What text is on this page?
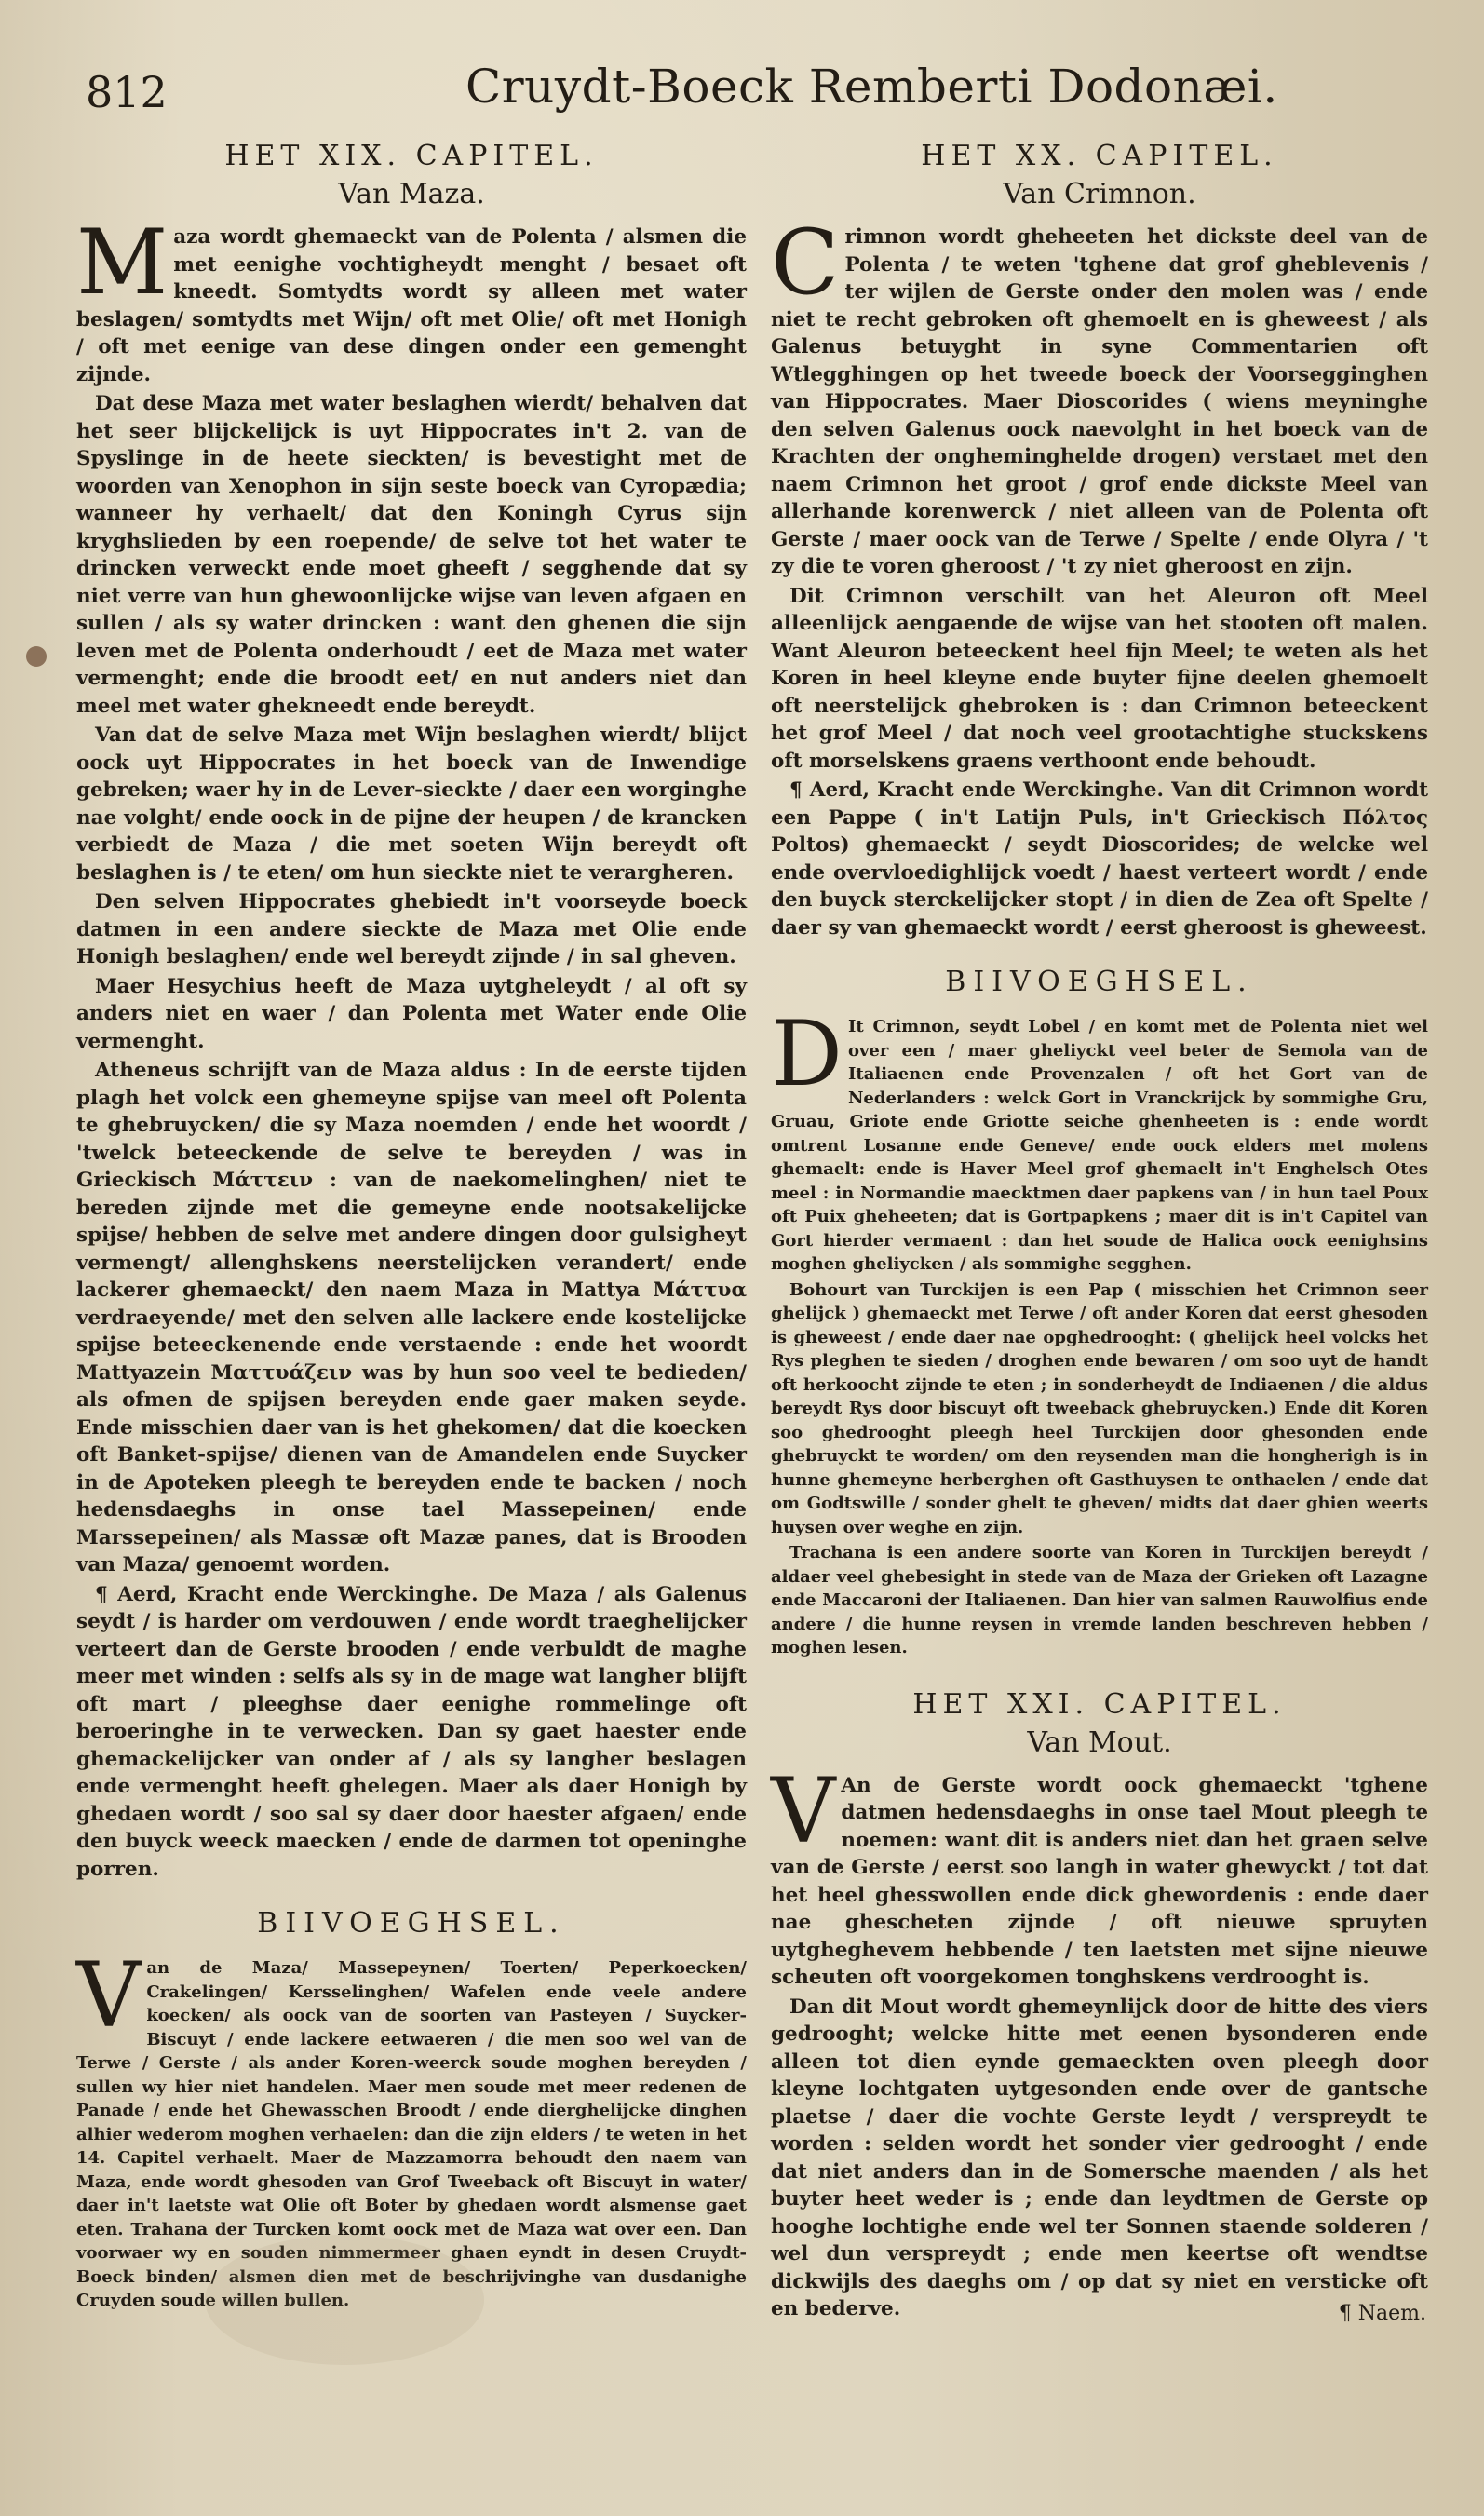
812	Cruydt-Boeck Remberti Dodonæi.
HET XIX. CAPITEL.
Van Maza.

Maza wordt ghemaeckt van de Polenta / alsmen die met eenighe vochtigheydt menght / besaet oft kneedt. Somtydts wordt sy alleen met water beslagen/ somtydts met Wijn/ oft met Olie/ oft met Honigh / oft met eenige van dese dingen onder een gemenght zijnde.

Dat dese Maza met water beslaghen wierdt/ behalven dat het seer blijckelijck is uyt Hippocrates in't 2. van de Spyslinge in de heete sieckten/ is bevestight met de woorden van Xenophon in sijn seste boeck van Cyropædia; wanneer hy verhaelt/ dat den Koningh Cyrus sijn kryghslieden by een roepende/ de selve tot het water te drincken verweckt ende moet gheeft / segghende dat sy niet verre van hun ghewoonlijcke wijse van leven afgaen en sullen / als sy water drincken : want den ghenen die sijn leven met de Polenta onderhoudt / eet de Maza met water vermenght; ende die broodt eet/ en nut anders niet dan meel met water ghekneedt ende bereydt.

Van dat de selve Maza met Wijn beslaghen wierdt/ blijct oock uyt Hippocrates in het boeck van de Inwendige gebreken; waer hy in de Lever-sieckte / daer een worginghe nae volght/ ende oock in de pijne der heupen / de krancken verbiedt de Maza / die met soeten Wijn bereydt oft beslaghen is / te eten/ om hun sieckte niet te verargheren.

Den selven Hippocrates ghebiedt in't voorseyde boeck datmen in een andere sieckte de Maza met Olie ende Honigh beslaghen/ ende wel bereydt zijnde / in sal gheven.

Maer Hesychius heeft de Maza uytgheleydt / al oft sy anders niet en waer / dan Polenta met Water ende Olie vermenght.

Atheneus schrijft van de Maza aldus : In de eerste tijden plagh het volck een ghemeyne spijse van meel oft Polenta te ghebruycken/ die sy Maza noemden / ende het woordt / 'twelck beteeckende de selve te bereyden / was in Grieckisch Μάττειν : van de naekomelinghen/ niet te bereden zijnde met die gemeyne ende nootsakelijcke spijse/ hebben de selve met andere dingen door gulsigheyt vermengt/ allenghskens neerstelijcken verandert/ ende lackerer ghemaeckt/ den naem Maza in Mattya Μάττυα verdraeyende/ met den selven alle lackere ende kostelijcke spijse beteeckenende ende verstaende : ende het woordt Mattyazein Ματτυάζειν was by hun soo veel te bedieden/ als ofmen de spijsen bereyden ende gaer maken seyde. Ende misschien daer van is het ghekomen/ dat die koecken oft Banket-spijse/ dienen van de Amandelen ende Suycker in de Apoteken pleegh te bereyden ende te backen / noch hedensdaeghs in onse tael Massepeinen/ ende Marssepeinen/ als Massæ oft Mazæ panes, dat is Brooden van Maza/ genoemt worden.

¶ Aerd, Kracht ende Werckinghe. De Maza / als Galenus seydt / is harder om verdouwen / ende wordt traeghelijcker verteert dan de Gerste brooden / ende verbuldt de maghe meer met winden : selfs als sy in de mage wat langher blijft oft mart / pleeghse daer eenighe rommelinge oft beroeringhe in te verwecken. Dan sy gaet haester ende ghemackelijcker van onder af / als sy langher beslagen ende vermenght heeft ghelegen. Maer als daer Honigh by ghedaen wordt / soo sal sy daer door haester afgaen/ ende den buyck weeck maecken / ende de darmen tot openinghe porren.

BIIVOEGHSEL.

Van de Maza/ Massepeynen/ Toerten/ Peperkoecken/ Crakelingen/ Kersselinghen/ Wafelen ende veele andere koecken/ als oock van de soorten van Pasteyen / Suycker-Biscuyt / ende lackere eetwaeren / die men soo wel van de Terwe / Gerste / als ander Koren-weerck soude moghen bereyden / sullen wy hier niet handelen. Maer men soude met meer redenen de Panade / ende het Ghewasschen Broodt / ende dierghelijcke dinghen alhier wederom moghen verhaelen: dan die zijn elders / te weten in het 14. Capitel verhaelt. Maer de Mazzamorra behoudt den naem van Maza, ende wordt ghesoden van Grof Tweeback oft Biscuyt in water/ daer in't laetste wat Olie oft Boter by ghedaen wordt alsmense gaet eten. Trahana der Turcken komt oock met de Maza wat over een. Dan voorwaer wy en souden nimmermeer ghaen eyndt in desen Cruydt-Boeck binden/ alsmen dien met de beschrijvinghe van dusdanighe Cruyden soude willen bullen.

HET XX. CAPITEL.
Van Crimnon.

Crimnon wordt gheheeten het dickste deel van de Polenta / te weten 'tghene dat grof gheblevenis / ter wijlen de Gerste onder den molen was / ende niet te recht gebroken oft ghemoelt en is gheweest / als Galenus betuyght in syne Commentarien oft Wtlegghingen op het tweede boeck der Voorsegginghen van Hippocrates. Maer Dioscorides ( wiens meyninghe den selven Galenus oock naevolght in het boeck van de Krachten der ongheminghelde drogen) verstaet met den naem Crimnon het groot / grof ende dickste Meel van allerhande korenwerck / niet alleen van de Polenta oft Gerste / maer oock van de Terwe / Spelte / ende Olyra / 't zy die te voren gheroost / 't zy niet gheroost en zijn.

Dit Crimnon verschilt van het Aleuron oft Meel alleenlijck aengaende de wijse van het stooten oft malen. Want Aleuron beteeckent heel fijn Meel; te weten als het Koren in heel kleyne ende buyter fijne deelen ghemoelt oft neerstelijck ghebroken is : dan Crimnon beteeckent het grof Meel / dat noch veel grootachtighe stuckskens oft morselskens graens verthoont ende behoudt.

¶ Aerd, Kracht ende Werckinghe. Van dit Crimnon wordt een Pappe ( in't Latijn Puls, in't Grieckisch Πόλτος Poltos) ghemaeckt / seydt Dioscorides; de welcke wel ende overvloedighlijck voedt / haest verteert wordt / ende den buyck sterckelijcker stopt / in dien de Zea oft Spelte / daer sy van ghemaeckt wordt / eerst gheroost is gheweest.

BIIVOEGHSEL.

D It Crimnon, seydt Lobel / en komt met de Polenta niet wel over een / maer gheliyckt veel beter de Semola van de Italiaenen ende Provenzalen / oft het Gort van de Nederlanders : welck Gort in Vranckrijck by sommighe Gru, Gruau, Griote ende Griotte seiche ghenheeten is : ende wordt omtrent Losanne ende Geneve/ ende oock elders met molens ghemaelt: ende is Haver Meel grof ghemaelt in't Enghelsch Otes meel : in Normandie maecktmen daer papkens van / in hun tael Poux oft Puix gheheeten; dat is Gortpapkens ; maer dit is in't Capitel van Gort hierder vermaent : dan het soude de Halica oock eenighsins moghen gheliycken / als sommighe segghen.

Bohourt van Turckijen is een Pap ( misschien het Crimnon seer ghelijck ) ghemaeckt met Terwe / oft ander Koren dat eerst ghesoden is gheweest / ende daer nae opghedrooght: ( ghelijck heel volcks het Rys pleghen te sieden / droghen ende bewaren / om soo uyt de handt oft herkoocht zijnde te eten ; in sonderheydt de Indiaenen / die aldus bereydt Rys door biscuyt oft tweeback ghebruycken.) Ende dit Koren soo ghedrooght pleegh heel Turckijen door ghesonden ende ghebruyckt te worden/ om den reysenden man die hongherigh is in hunne ghemeyne herberghen oft Gasthuysen te onthaelen / ende dat om Godtswille / sonder ghelt te gheven/ midts dat daer ghien weerts huysen over weghe en zijn.

Trachana is een andere soorte van Koren in Turckijen bereydt / aldaer veel ghebesight in stede van de Maza der Grieken oft Lazagne ende Maccaroni der Italiaenen. Dan hier van salmen Rauwolfius ende andere / die hunne reysen in vremde landen beschreven hebben / moghen lesen.

HET XXI. CAPITEL.
Van Mout.

V An de Gerste wordt oock ghemaeckt 'tghene datmen hedensdaeghs in onse tael Mout pleegh te noemen: want dit is anders niet dan het graen selve van de Gerste / eerst soo langh in water ghewyckt / tot dat het heel ghesswollen ende dick ghewordenis : ende daer nae ghescheten zijnde / oft nieuwe spruyten uytgheghevem hebbende / ten laetsten met sijne nieuwe scheuten oft voorgekomen tonghskens verdrooght is.

Dan dit Mout wordt ghemeynlijck door de hitte des viers gedrooght; welcke hitte met eenen bysonderen ende alleen tot dien eynde gemaeckten oven pleegh door kleyne lochtgaten uytgesonden ende over de gantsche plaetse / daer die vochte Gerste leydt / verspreydt te worden : selden wordt het sonder vier gedrooght / ende dat niet anders dan in de Somersche maenden / als het buyter heet weder is ; ende dan leydtmen de Gerste op hooghe lochtighe ende wel ter Sonnen staende solderen / wel dun verspreydt ; ende men keertse oft wendtse dickwijls des daeghs om / op dat sy niet en versticke oft en bederve.	¶ Naem.
